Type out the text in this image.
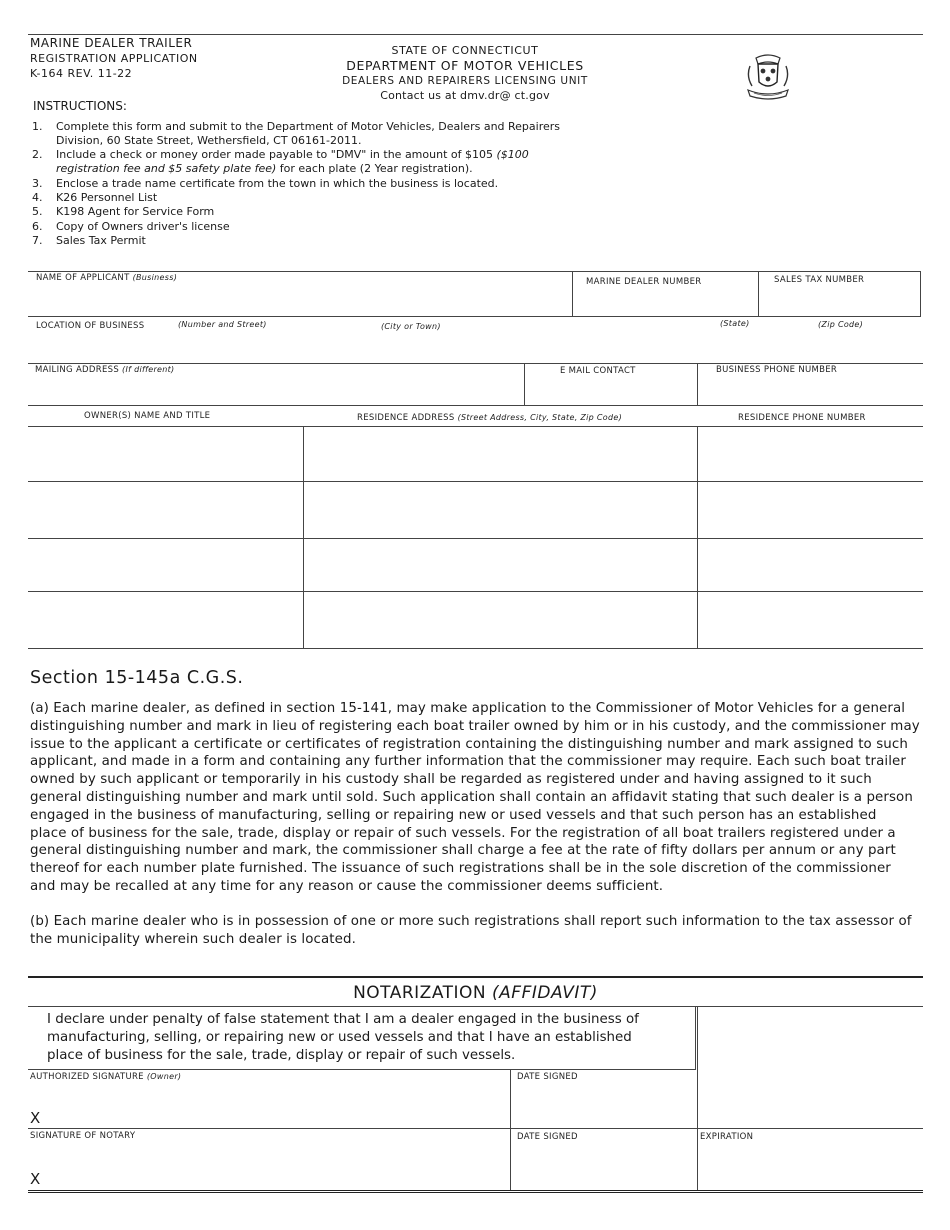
MARINE DEALER TRAILER
REGISTRATION APPLICATION
K-164 REV. 11-22
STATE OF CONNECTICUT
DEPARTMENT OF MOTOR VEHICLES
DEALERS AND REPAIRERS LICENSING UNIT
Contact us at dmv.dr@ ct.gov
INSTRUCTIONS:
1.	Complete this form and submit to the Department of Motor Vehicles, Dealers and Repairers
Division, 60 State Street, Wethersfield, CT 06161-2011.
2.	Include a check or money order made payable to "DMV" in the amount of $105 ($100
registration fee and $5 safety plate fee) for each plate (2 Year registration).
3.	Enclose a trade name certificate from the town in which the business is located.
4.	K26 Personnel List
5.	K198 Agent for Service Form
6.	Copy of Owners driver's license
7.	Sales Tax Permit
NAME OF APPLICANT (Business)	MARINE DEALER NUMBER	SALES TAX NUMBER
LOCATION OF BUSINESS	(Number and Street)	(City or Town)	(State)	(Zip Code)
MAILING ADDRESS (If different)	E MAIL CONTACT	BUSINESS PHONE NUMBER
OWNER(S) NAME AND TITLE	RESIDENCE ADDRESS (Street Address, City, State, Zip Code)	RESIDENCE PHONE NUMBER
Section 15-145a C.G.S.
(a) Each marine dealer, as defined in section 15-141, may make application to the Commissioner of Motor Vehicles for a general
distinguishing number and mark in lieu of registering each boat trailer owned by him or in his custody, and the commissioner may
issue to the applicant a certificate or certificates of registration containing the distinguishing number and mark assigned to such
applicant, and made in a form and containing any further information that the commissioner may require. Each such boat trailer
owned by such applicant or temporarily in his custody shall be regarded as registered under and having assigned to it such
general distinguishing number and mark until sold. Such application shall contain an affidavit stating that such dealer is a person
engaged in the business of manufacturing, selling or repairing new or used vessels and that such person has an established
place of business for the sale, trade, display or repair of such vessels. For the registration of all boat trailers registered under a
general distinguishing number and mark, the commissioner shall charge a fee at the rate of fifty dollars per annum or any part
thereof for each number plate furnished. The issuance of such registrations shall be in the sole discretion of the commissioner
and may be recalled at any time for any reason or cause the commissioner deems sufficient.
(b) Each marine dealer who is in possession of one or more such registrations shall report such information to the tax assessor of
the municipality wherein such dealer is located.
NOTARIZATION (AFFIDAVIT)
I declare under penalty of false statement that I am a dealer engaged in the business of
manufacturing, selling, or repairing new or used vessels and that I have an established
place of business for the sale, trade, display or repair of such vessels.
AUTHORIZED SIGNATURE (Owner)	DATE SIGNED
X
SIGNATURE OF NOTARY	DATE SIGNED	EXPIRATION
X
